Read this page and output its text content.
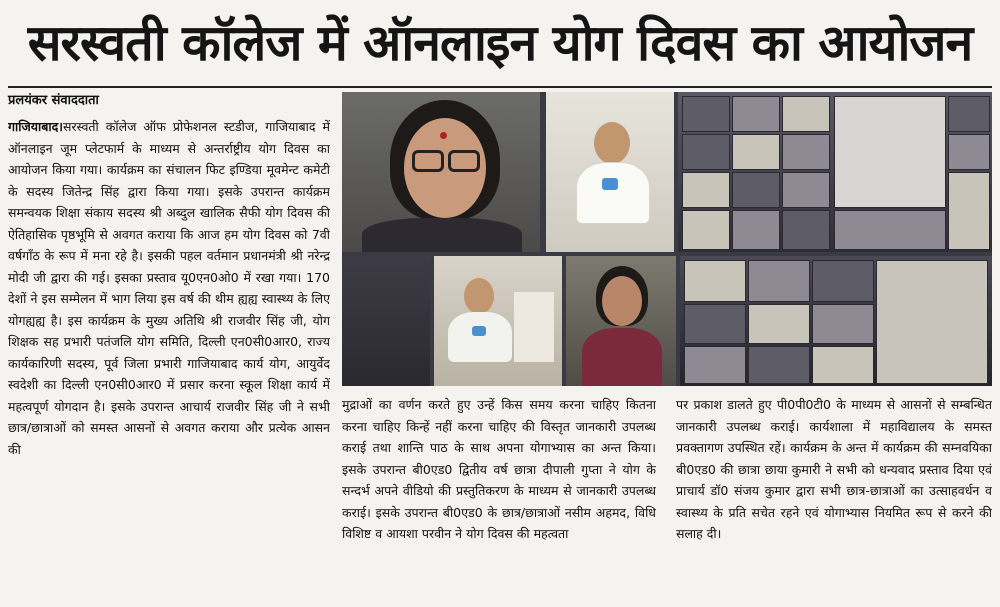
सरस्वती कॉलेज में ऑनलाइन योग दिवस का आयोजन
प्रलयंकर संवाददाता

गाजियाबाद।सरस्वती कॉलेज ऑफ प्रोफेशनल स्टडीज, गाजियाबाद में ऑनलाइन जूम प्लेटफार्म के माध्यम से अन्तर्राष्ट्रीय योग दिवस का आयोजन किया गया। कार्यक्रम का संचालन फिट इण्डिया मूवमेन्ट कमेटी के सदस्य जितेन्द्र सिंह द्वारा किया गया। इसके उपरान्त कार्यक्रम समन्वयक शिक्षा संकाय सदस्य श्री अब्दुल खालिक सैफी योग दिवस की ऐतिहासिक पृष्ठभूमि से अवगत कराया कि आज हम योग दिवस को 7वी वर्षगाँठ के रूप में मना रहे है। इसकी पहल वर्तमान प्रधानमंत्री श्री नरेन्द्र मोदी जी द्वारा की गई। इसका प्रस्ताव यू0एन0ओ0 में रखा गया। 170 देशों ने इस सम्मेलन में भाग लिया इस वर्ष की थीम ह्यह्य स्वास्थ्य के लिए योगह्यह्य है। इस कार्यक्रम के मुख्य अतिथि श्री राजवीर सिंह जी, योग शिक्षक सह प्रभारी पतंजलि योग समिति, दिल्ली एन0सी0आर0, राज्य कार्यकारिणी सदस्य, पूर्व जिला प्रभारी गाजियाबाद कार्य योग, आयुर्वेद स्वदेशी का दिल्ली एन0सी0आर0 में प्रसार करना स्कूल शिक्षा कार्य में महत्वपूर्ण योगदान है। इसके उपरान्त आचार्य राजवीर सिंह जी ने सभी छात्र/छात्राओं को समस्त आसनों से अवगत कराया और प्रत्येक आसन की

मुद्राओं का वर्णन करते हुए उन्हें किस समय करना चाहिए कितना करना चाहिए किन्हें नहीं करना चाहिए की विस्तृत जानकारी उपलब्ध कराई तथा शान्ति पाठ के साथ अपना योगाभ्यास का अन्त किया। इसके उपरान्त बी0एड0 द्वितीय वर्ष छात्रा दीपाली गुप्ता ने योग के सन्दर्भ अपने वीडियो की प्रस्तुतिकरण के माध्यम से जानकारी उपलब्ध कराई। इसके उपरान्त बी0एड0 के छात्र/छात्राओं नसीम अहमद, विधि विशिष्ट व आयशा परवीन ने योग दिवस की महत्वता

पर प्रकाश डालते हुए पी0पी0टी0 के माध्यम से आसनों से सम्बन्धित जानकारी उपलब्ध कराई। कार्यशाला में महाविद्यालय के समस्त प्रवक्तागण उपस्थित रहें। कार्यक्रम के अन्त में कार्यक्रम की सम्नवयिका बी0एड0 की छात्रा छाया कुमारी ने सभी को धन्यवाद प्रस्ताव दिया एवं प्राचार्य डॉ0 संजय कुमार द्वारा सभी छात्र-छात्राओं का उत्साहवर्धन व स्वास्थ्य के प्रति सचेत रहने एवं योगाभ्यास नियमित रूप से करने की सलाह दी।
